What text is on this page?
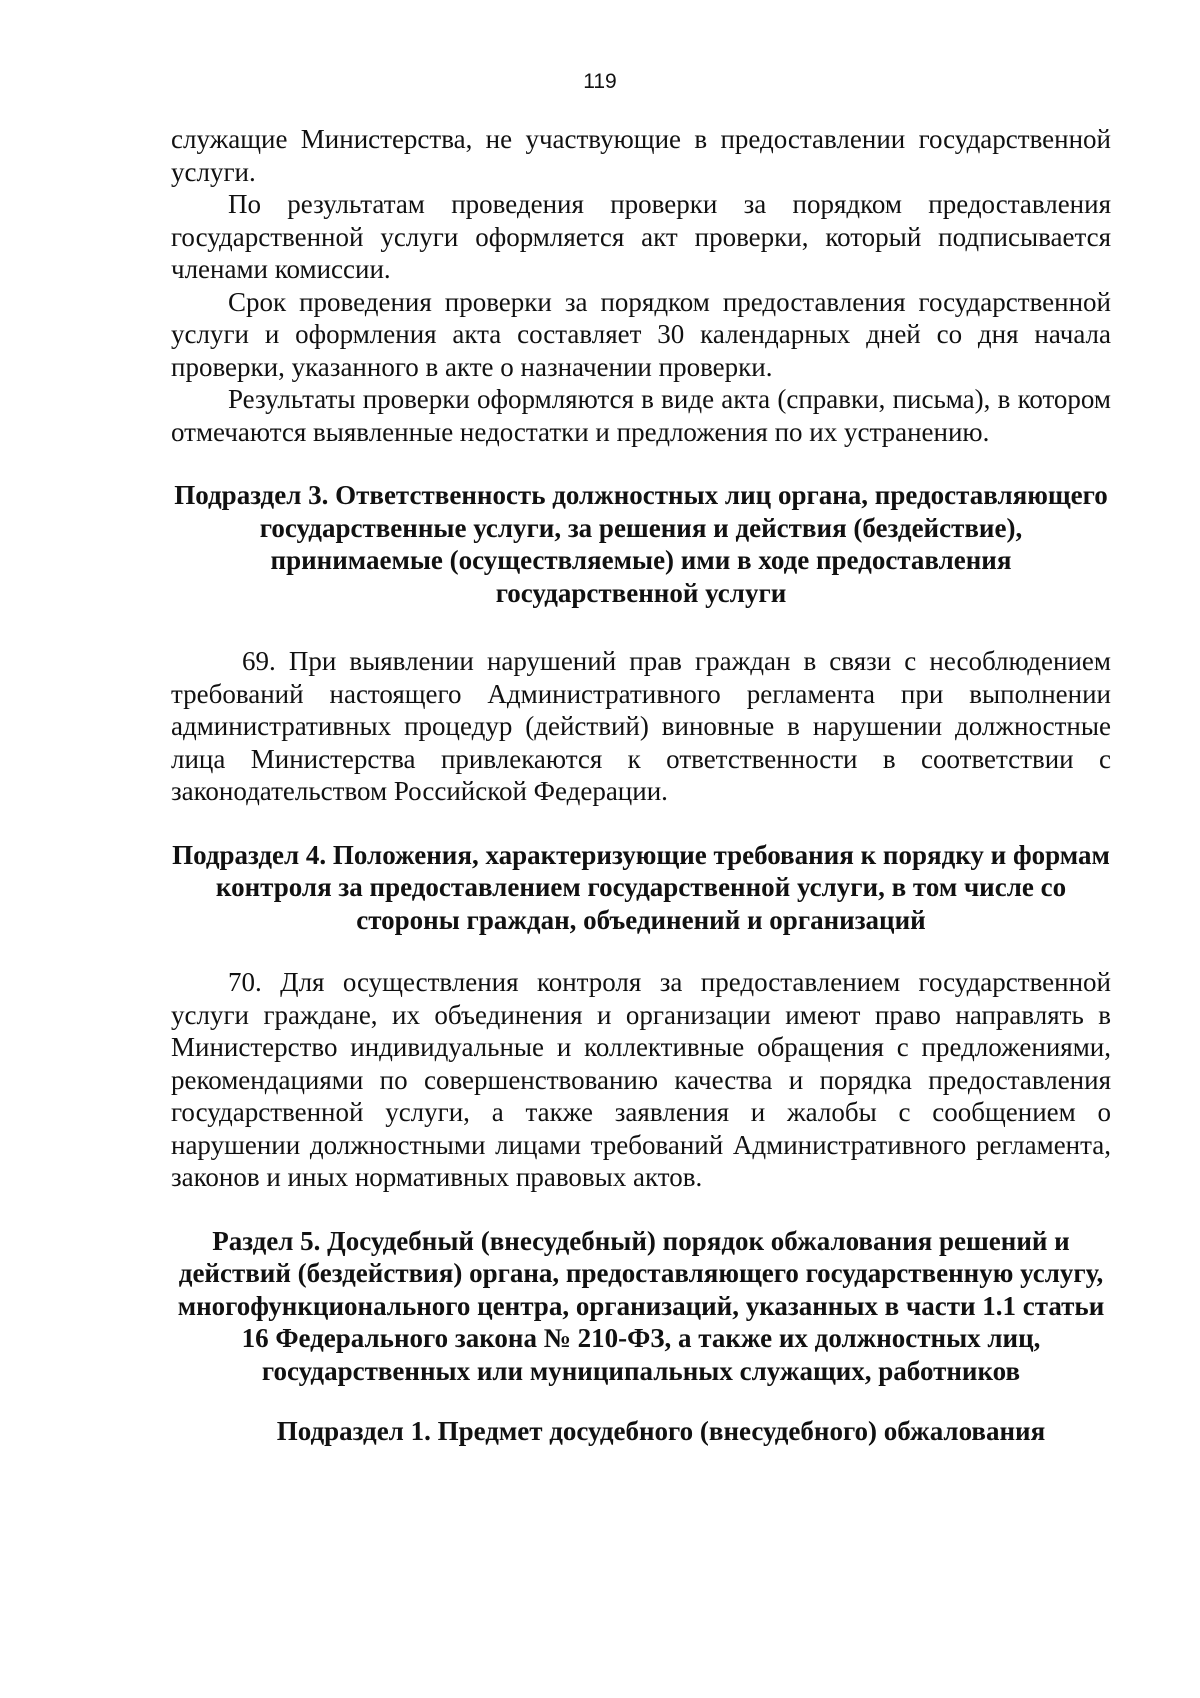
119

служащие Министерства, не участвующие в предоставлении государственной услуги.

По результатам проведения проверки за порядком предоставления государственной услуги оформляется акт проверки, который подписывается членами комиссии.

Срок проведения проверки за порядком предоставления государственной услуги и оформления акта составляет 30 календарных дней со дня начала проверки, указанного в акте о назначении проверки.

Результаты проверки оформляются в виде акта (справки, письма), в котором отмечаются выявленные недостатки и предложения по их устранению.

Подраздел 3. Ответственность должностных лиц органа, предоставляющего государственные услуги, за решения и действия (бездействие), принимаемые (осуществляемые) ими в ходе предоставления государственной услуги

69. При выявлении нарушений прав граждан в связи с несоблюдением требований настоящего Административного регламента при выполнении административных процедур (действий) виновные в нарушении должностные лица Министерства привлекаются к ответственности в соответствии с законодательством Российской Федерации.

Подраздел 4. Положения, характеризующие требования к порядку и формам контроля за предоставлением государственной услуги, в том числе со стороны граждан, объединений и организаций

70. Для осуществления контроля за предоставлением государственной услуги граждане, их объединения и организации имеют право направлять в Министерство индивидуальные и коллективные обращения с предложениями, рекомендациями по совершенствованию качества и порядка предоставления государственной услуги, а также заявления и жалобы с сообщением о нарушении должностными лицами требований Административного регламента, законов и иных нормативных правовых актов.

Раздел 5. Досудебный (внесудебный) порядок обжалования решений и действий (бездействия) органа, предоставляющего государственную услугу, многофункционального центра, организаций, указанных в части 1.1 статьи 16 Федерального закона № 210-ФЗ, а также их должностных лиц, государственных или муниципальных служащих, работников

Подраздел 1. Предмет досудебного (внесудебного) обжалования
